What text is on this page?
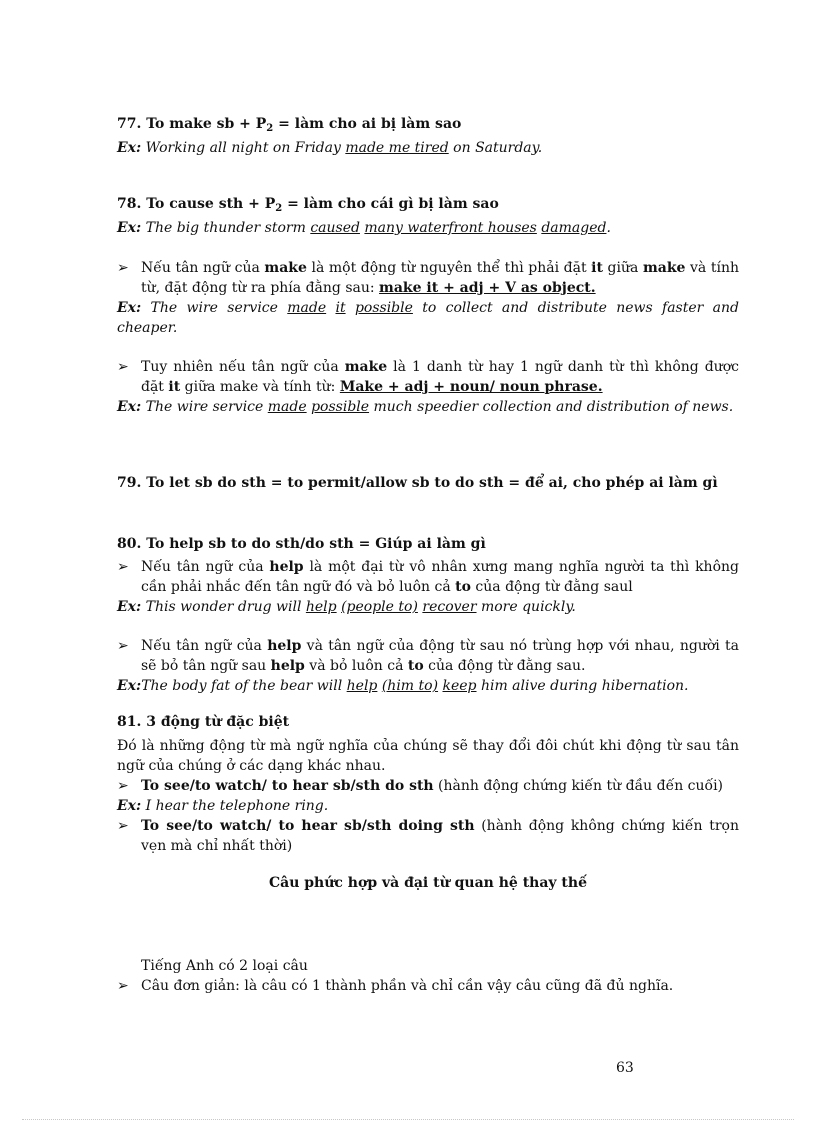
77. To make sb + $P_2$ = làm cho ai bị làm sao
Ex: Working all night on Friday made me tired on Saturday.
78. To cause sth + $P_2$ = làm cho cái gì bị làm sao
Ex: The big thunder storm caused many waterfront houses damaged.
➢ Nếu tân ngữ của make là một động từ nguyên thể thì phải đặt it giữa make và tính từ, đặt động từ ra phía đằng sau: make it + adj + V as object.
Ex: The wire service made it possible to collect and distribute news faster and cheaper.
➢ Tuy nhiên nếu tân ngữ của make là 1 danh từ hay 1 ngữ danh từ thì không được đặt it giữa make và tính từ: Make + adj + noun/ noun phrase.
Ex: The wire service made possible much speedier collection and distribution of news.
79. To let sb do sth = to permit/allow sb to do sth = để ai, cho phép ai làm gì
80. To help sb to do sth/do sth = Giúp ai làm gì
➢ Nếu tân ngữ của help là một đại từ vô nhân xưng mang nghĩa người ta thì không cần phải nhắc đến tân ngữ đó và bỏ luôn cả to của động từ đằng saul
Ex: This wonder drug will help (people to) recover more quickly.
➢ Nếu tân ngữ của help và tân ngữ của động từ sau nó trùng hợp với nhau, người ta sẽ bỏ tân ngữ sau help và bỏ luôn cả to của động từ đằng sau.
Ex:The body fat of the bear will help (him to) keep him alive during hibernation.
81. 3 động từ đặc biệt
Đó là những động từ mà ngữ nghĩa của chúng sẽ thay đổi đôi chút khi động từ sau tân ngữ của chúng ở các dạng khác nhau.
➢ To see/to watch/ to hear sb/sth do sth (hành động chứng kiến từ đầu đến cuối)
Ex: I hear the telephone ring.
➢ To see/to watch/ to hear sb/sth doing sth (hành động không chứng kiến trọn vẹn mà chỉ nhất thời)
Câu phức hợp và đại từ quan hệ thay thế
Tiếng Anh có 2 loại câu
➢ Câu đơn giản: là câu có 1 thành phần và chỉ cần vậy câu cũng đã đủ nghĩa.
63
